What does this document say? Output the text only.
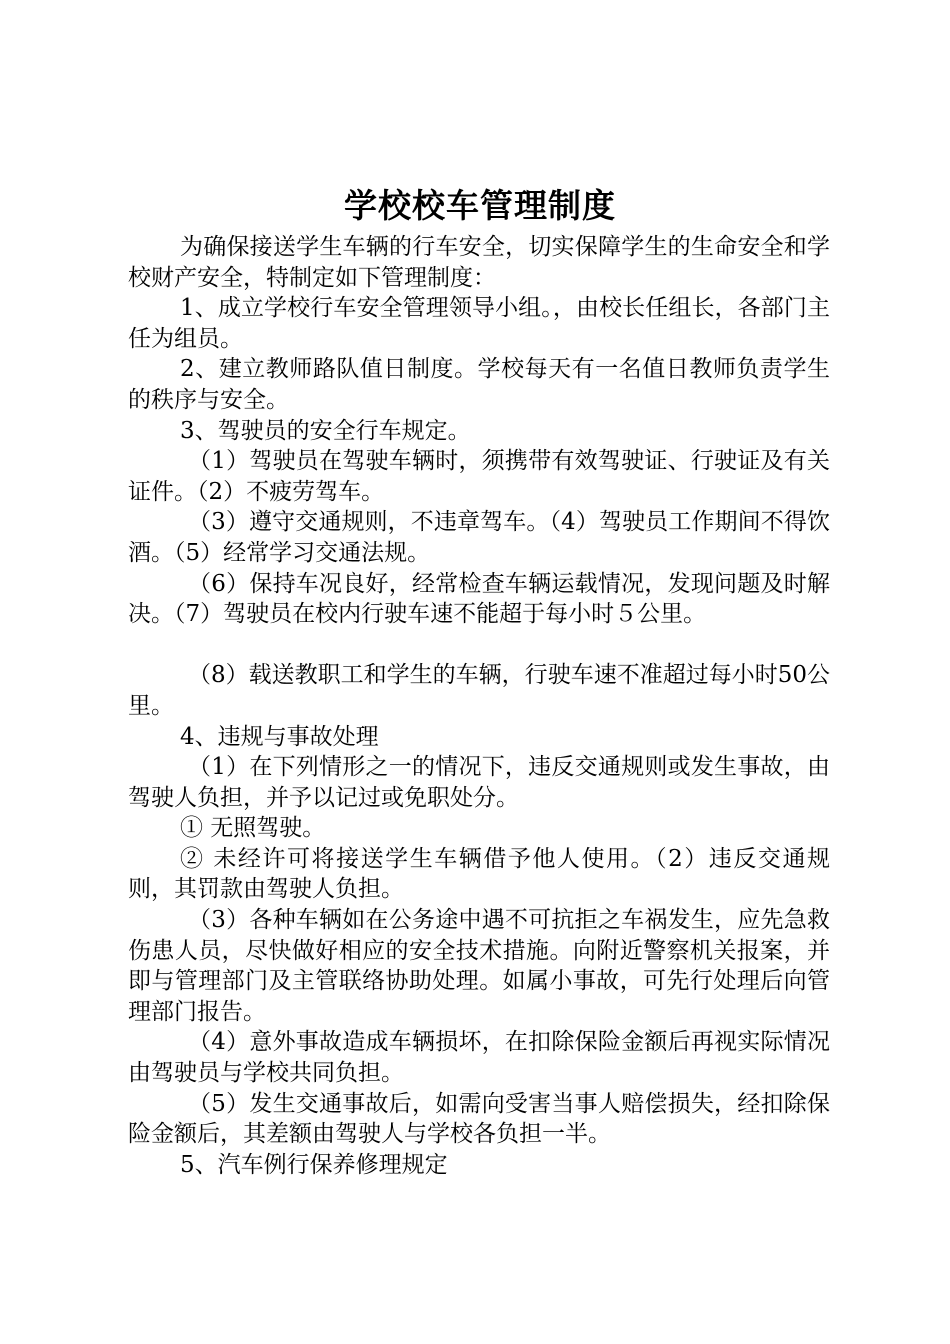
学校校车管理制度

为确保接送学生车辆的行车安全，切实保障学生的生命安全和学校财产安全，特制定如下管理制度：

1、成立学校行车安全管理领导小组。，由校长任组长，各部门主任为组员。

2、建立教师路队值日制度。学校每天有一名值日教师负责学生的秩序与安全。

3、驾驶员的安全行车规定。

（1）驾驶员在驾驶车辆时，须携带有效驾驶证、行驶证及有关证件。（2）不疲劳驾车。

（3）遵守交通规则，不违章驾车。（4）驾驶员工作期间不得饮酒。（5）经常学习交通法规。

（6）保持车况良好，经常检查车辆运载情况，发现问题及时解决。（7）驾驶员在校内行驶车速不能超于每小时５公里。

（8）载送教职工和学生的车辆，行驶车速不准超过每小时50公里。

4、违规与事故处理

（1）在下列情形之一的情况下，违反交通规则或发生事故，由驾驶人负担，并予以记过或免职处分。

① 无照驾驶。

② 未经许可将接送学生车辆借予他人使用。（2）违反交通规则，其罚款由驾驶人负担。

（3）各种车辆如在公务途中遇不可抗拒之车祸发生，应先急救伤患人员，尽快做好相应的安全技术措施。向附近警察机关报案，并即与管理部门及主管联络协助处理。如属小事故，可先行处理后向管理部门报告。

（4）意外事故造成车辆损坏，在扣除保险金额后再视实际情况由驾驶员与学校共同负担。

（5）发生交通事故后，如需向受害当事人赔偿损失，经扣除保险金额后，其差额由驾驶人与学校各负担一半。

5、汽车例行保养修理规定
